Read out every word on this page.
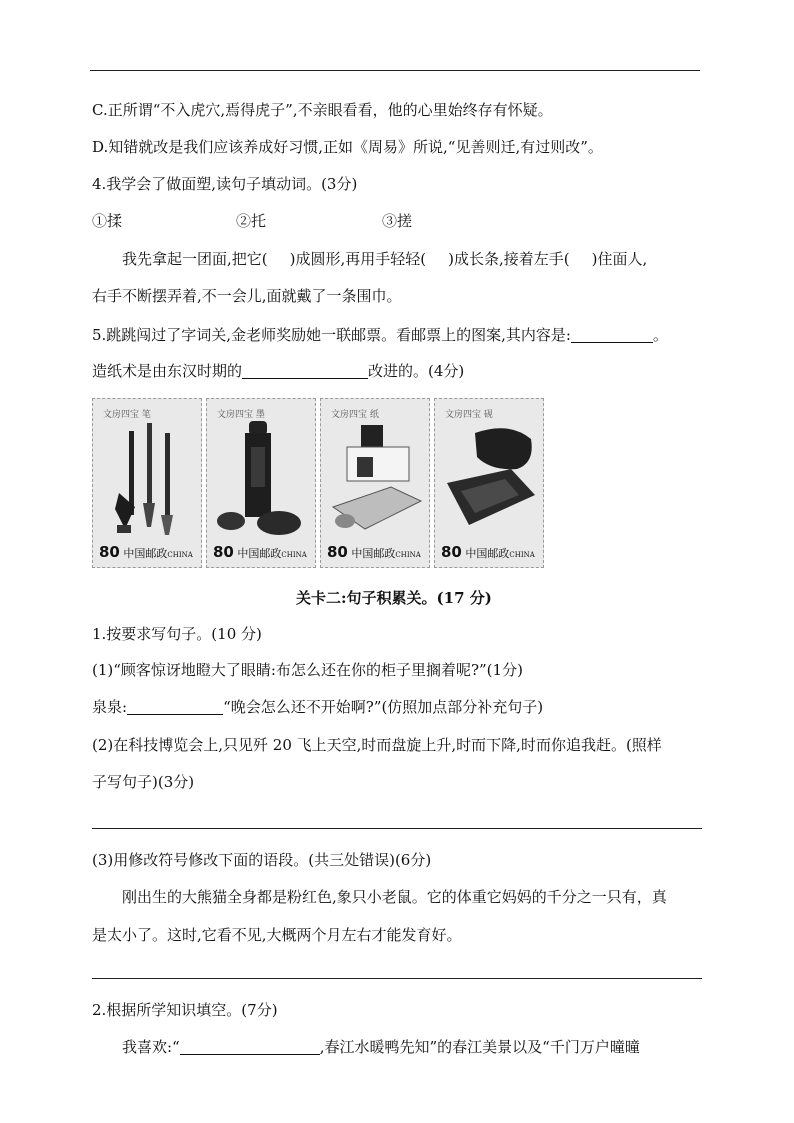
C.正所谓“不入虎穴,焉得虎子”,不亲眼看看，他的心里始终存有怀疑。
D.知错就改是我们应该养成好习惯,正如《周易》所说,“见善则迁,有过则改”。
4.我学会了做面塑,读句子填动词。(3分)
①揉	②托	③搓
我先拿起一团面,把它( )成圆形,再用手轻轻( )成长条,接着左手( )住面人,
右手不断摆弄着,不一会儿,面就戴了一条围巾。
5.跳跳闯过了字词关,金老师奖励她一联邮票。看邮票上的图案,其内容是:	。
造纸术是由东汉时期的	改进的。(4分)
文房四宝 笔
80 中国邮政CHINA
文房四宝 墨
80 中国邮政CHINA
文房四宝 纸
80 中国邮政CHINA
文房四宝 砚
80 中国邮政CHINA
关卡二:句子积累关。(17 分)
1.按要求写句子。(10 分)
(1)“顾客惊讶地瞪大了眼睛:布怎么还在你的柜子里搁着呢?”(1分)
泉泉:	“晚会怎么还不开始啊?”(仿照加点部分补充句子)
(2)在科技博览会上,只见歼 20 飞上天空,时而盘旋上升,时而下降,时而你追我赶。(照样
子写句子)(3分)
(3)用修改符号修改下面的语段。(共三处错误)(6分)
刚出生的大熊猫全身都是粉红色,象只小老鼠。它的体重它妈妈的千分之一只有，真
是太小了。这时,它看不见,大概两个月左右才能发育好。
2.根据所学知识填空。(7分)
我喜欢:“	,春江水暖鸭先知”的春江美景以及“千门万户曈曈
